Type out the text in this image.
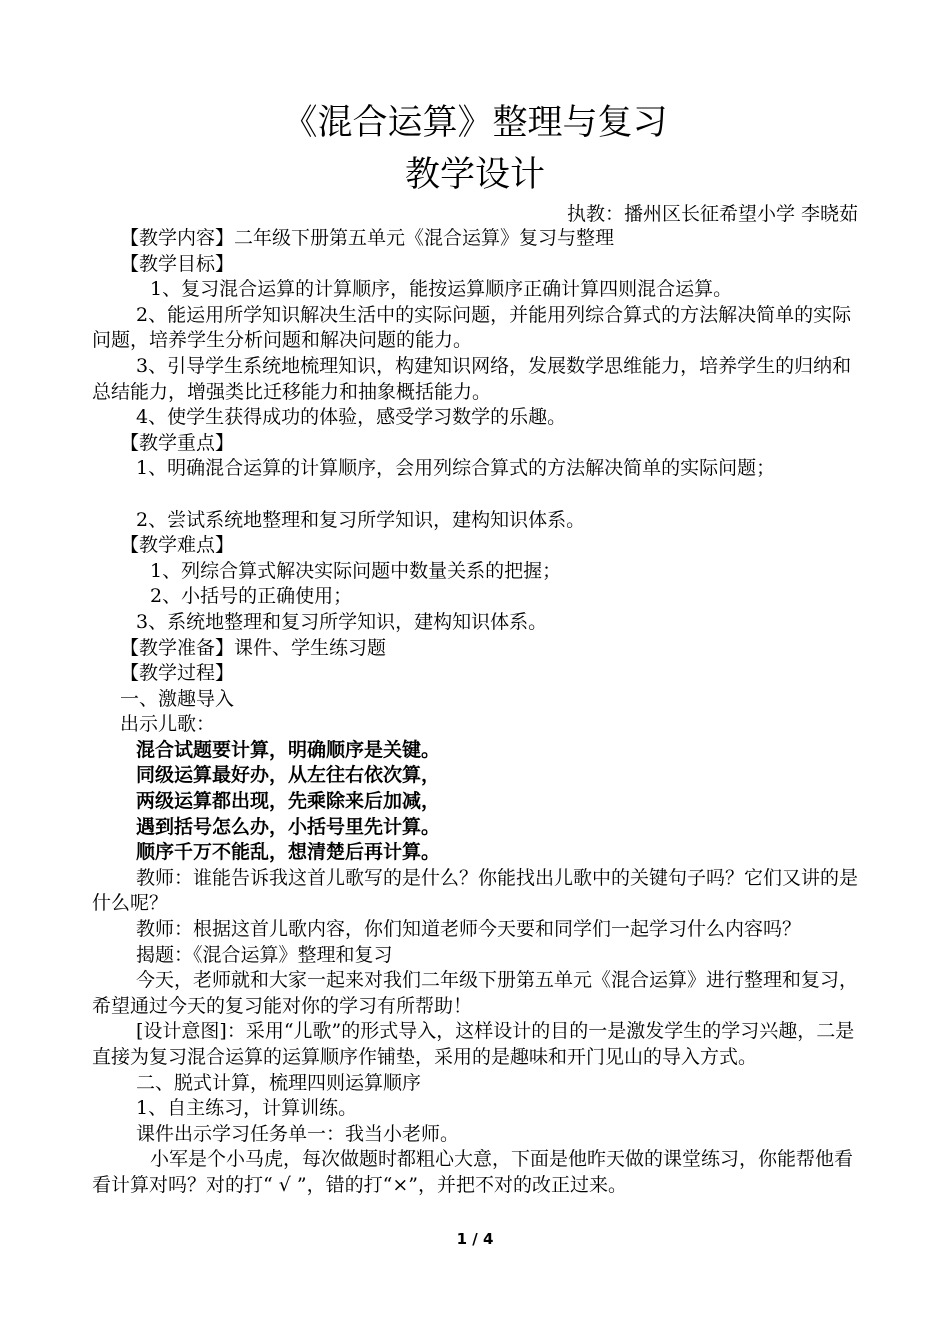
《混合运算》整理与复习
教学设计
执教：播州区长征希望小学 李晓茹

【教学内容】二年级下册第五单元《混合运算》复习与整理

【教学目标】

1、复习混合运算的计算顺序，能按运算顺序正确计算四则混合运算。

2、能运用所学知识解决生活中的实际问题，并能用列综合算式的方法解决简单的实际问题，培养学生分析问题和解决问题的能力。

3、引导学生系统地梳理知识，构建知识网络，发展数学思维能力，培养学生的归纳和总结能力，增强类比迁移能力和抽象概括能力。

4、使学生获得成功的体验，感受学习数学的乐趣。

【教学重点】

1、明确混合运算的计算顺序，会用列综合算式的方法解决简单的实际问题；

2、尝试系统地整理和复习所学知识，建构知识体系。

【教学难点】

1、列综合算式解决实际问题中数量关系的把握；

2、小括号的正确使用；

3、系统地整理和复习所学知识，建构知识体系。

【教学准备】课件、学生练习题

【教学过程】

一、激趣导入

出示儿歌：

混合试题要计算，明确顺序是关键。

同级运算最好办，从左往右依次算，

两级运算都出现，先乘除来后加减，

遇到括号怎么办，小括号里先计算。

顺序千万不能乱，想清楚后再计算。

教师：谁能告诉我这首儿歌写的是什么？你能找出儿歌中的关键句子吗？它们又讲的是什么呢？

教师：根据这首儿歌内容，你们知道老师今天要和同学们一起学习什么内容吗？

揭题：《混合运算》整理和复习

今天，老师就和大家一起来对我们二年级下册第五单元《混合运算》进行整理和复习，希望通过今天的复习能对你的学习有所帮助！

[设计意图]：采用“儿歌”的形式导入，这样设计的目的一是激发学生的学习兴趣，二是直接为复习混合运算的运算顺序作铺垫，采用的是趣味和开门见山的导入方式。

二、脱式计算，梳理四则运算顺序

1、自主练习，计算训练。

课件出示学习任务单一：我当小老师。

小军是个小马虎，每次做题时都粗心大意，下面是他昨天做的课堂练习，你能帮他看看计算对吗？对的打“ √ ”，错的打“×”，并把不对的改正过来。

1 / 4
